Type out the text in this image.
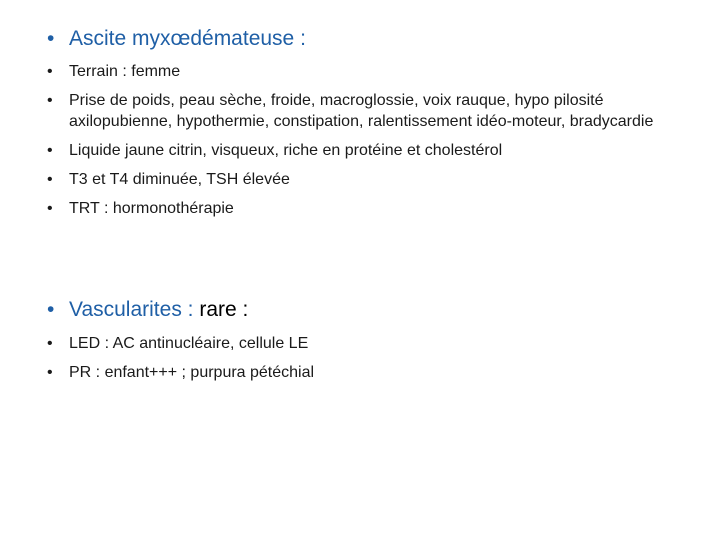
• Ascite myxœdémateuse :
• Terrain : femme
• Prise de poids, peau sèche, froide, macroglossie, voix rauque, hypo pilosité axilopubienne, hypothermie, constipation, ralentissement idéo-moteur, bradycardie
• Liquide jaune citrin, visqueux, riche en protéine et cholestérol
• T3 et T4 diminuée, TSH élevée
• TRT : hormonothérapie
• Vascularites : rare :
• LED : AC antinucléaire, cellule LE
• PR : enfant+++ ; purpura pétéchial
